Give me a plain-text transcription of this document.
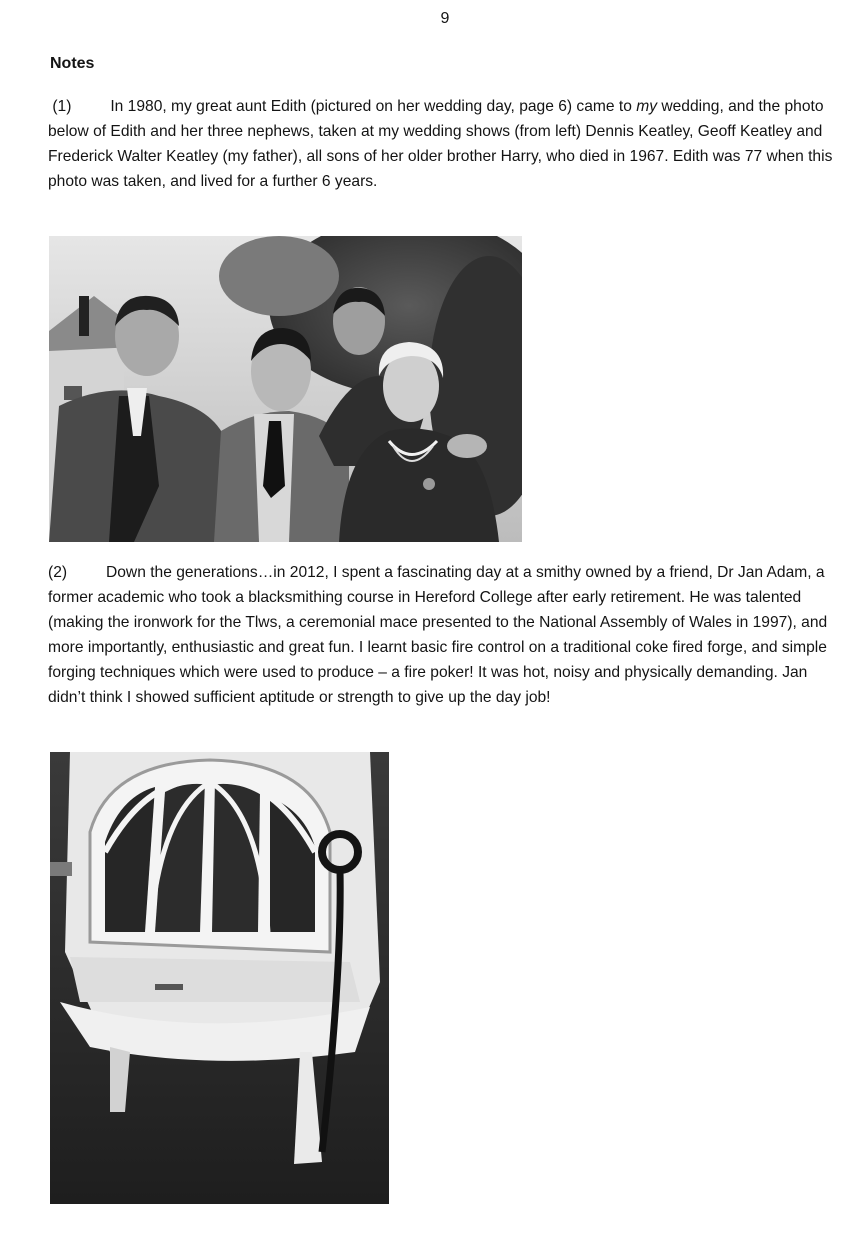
9
Notes

(1) In 1980, my great aunt Edith (pictured on her wedding day, page 6) came to my wedding, and the photo below of Edith and her three nephews, taken at my wedding shows (from left) Dennis Keatley, Geoff Keatley and Frederick Walter Keatley (my father), all sons of her older brother Harry, who died in 1967. Edith was 77 when this photo was taken, and lived for a further 6 years.

(2) Down the generations…in 2012, I spent a fascinating day at a smithy owned by a friend, Dr Jan Adam, a former academic who took a blacksmithing course in Hereford College after early retirement. He was talented (making the ironwork for the Tlws, a ceremonial mace presented to the National Assembly of Wales in 1997), and more importantly, enthusiastic and great fun. I learnt basic fire control on a traditional coke fired forge, and simple forging techniques which were used to produce – a fire poker! It was hot, noisy and physically demanding. Jan didn’t think I showed sufficient aptitude or strength to give up the day job!
